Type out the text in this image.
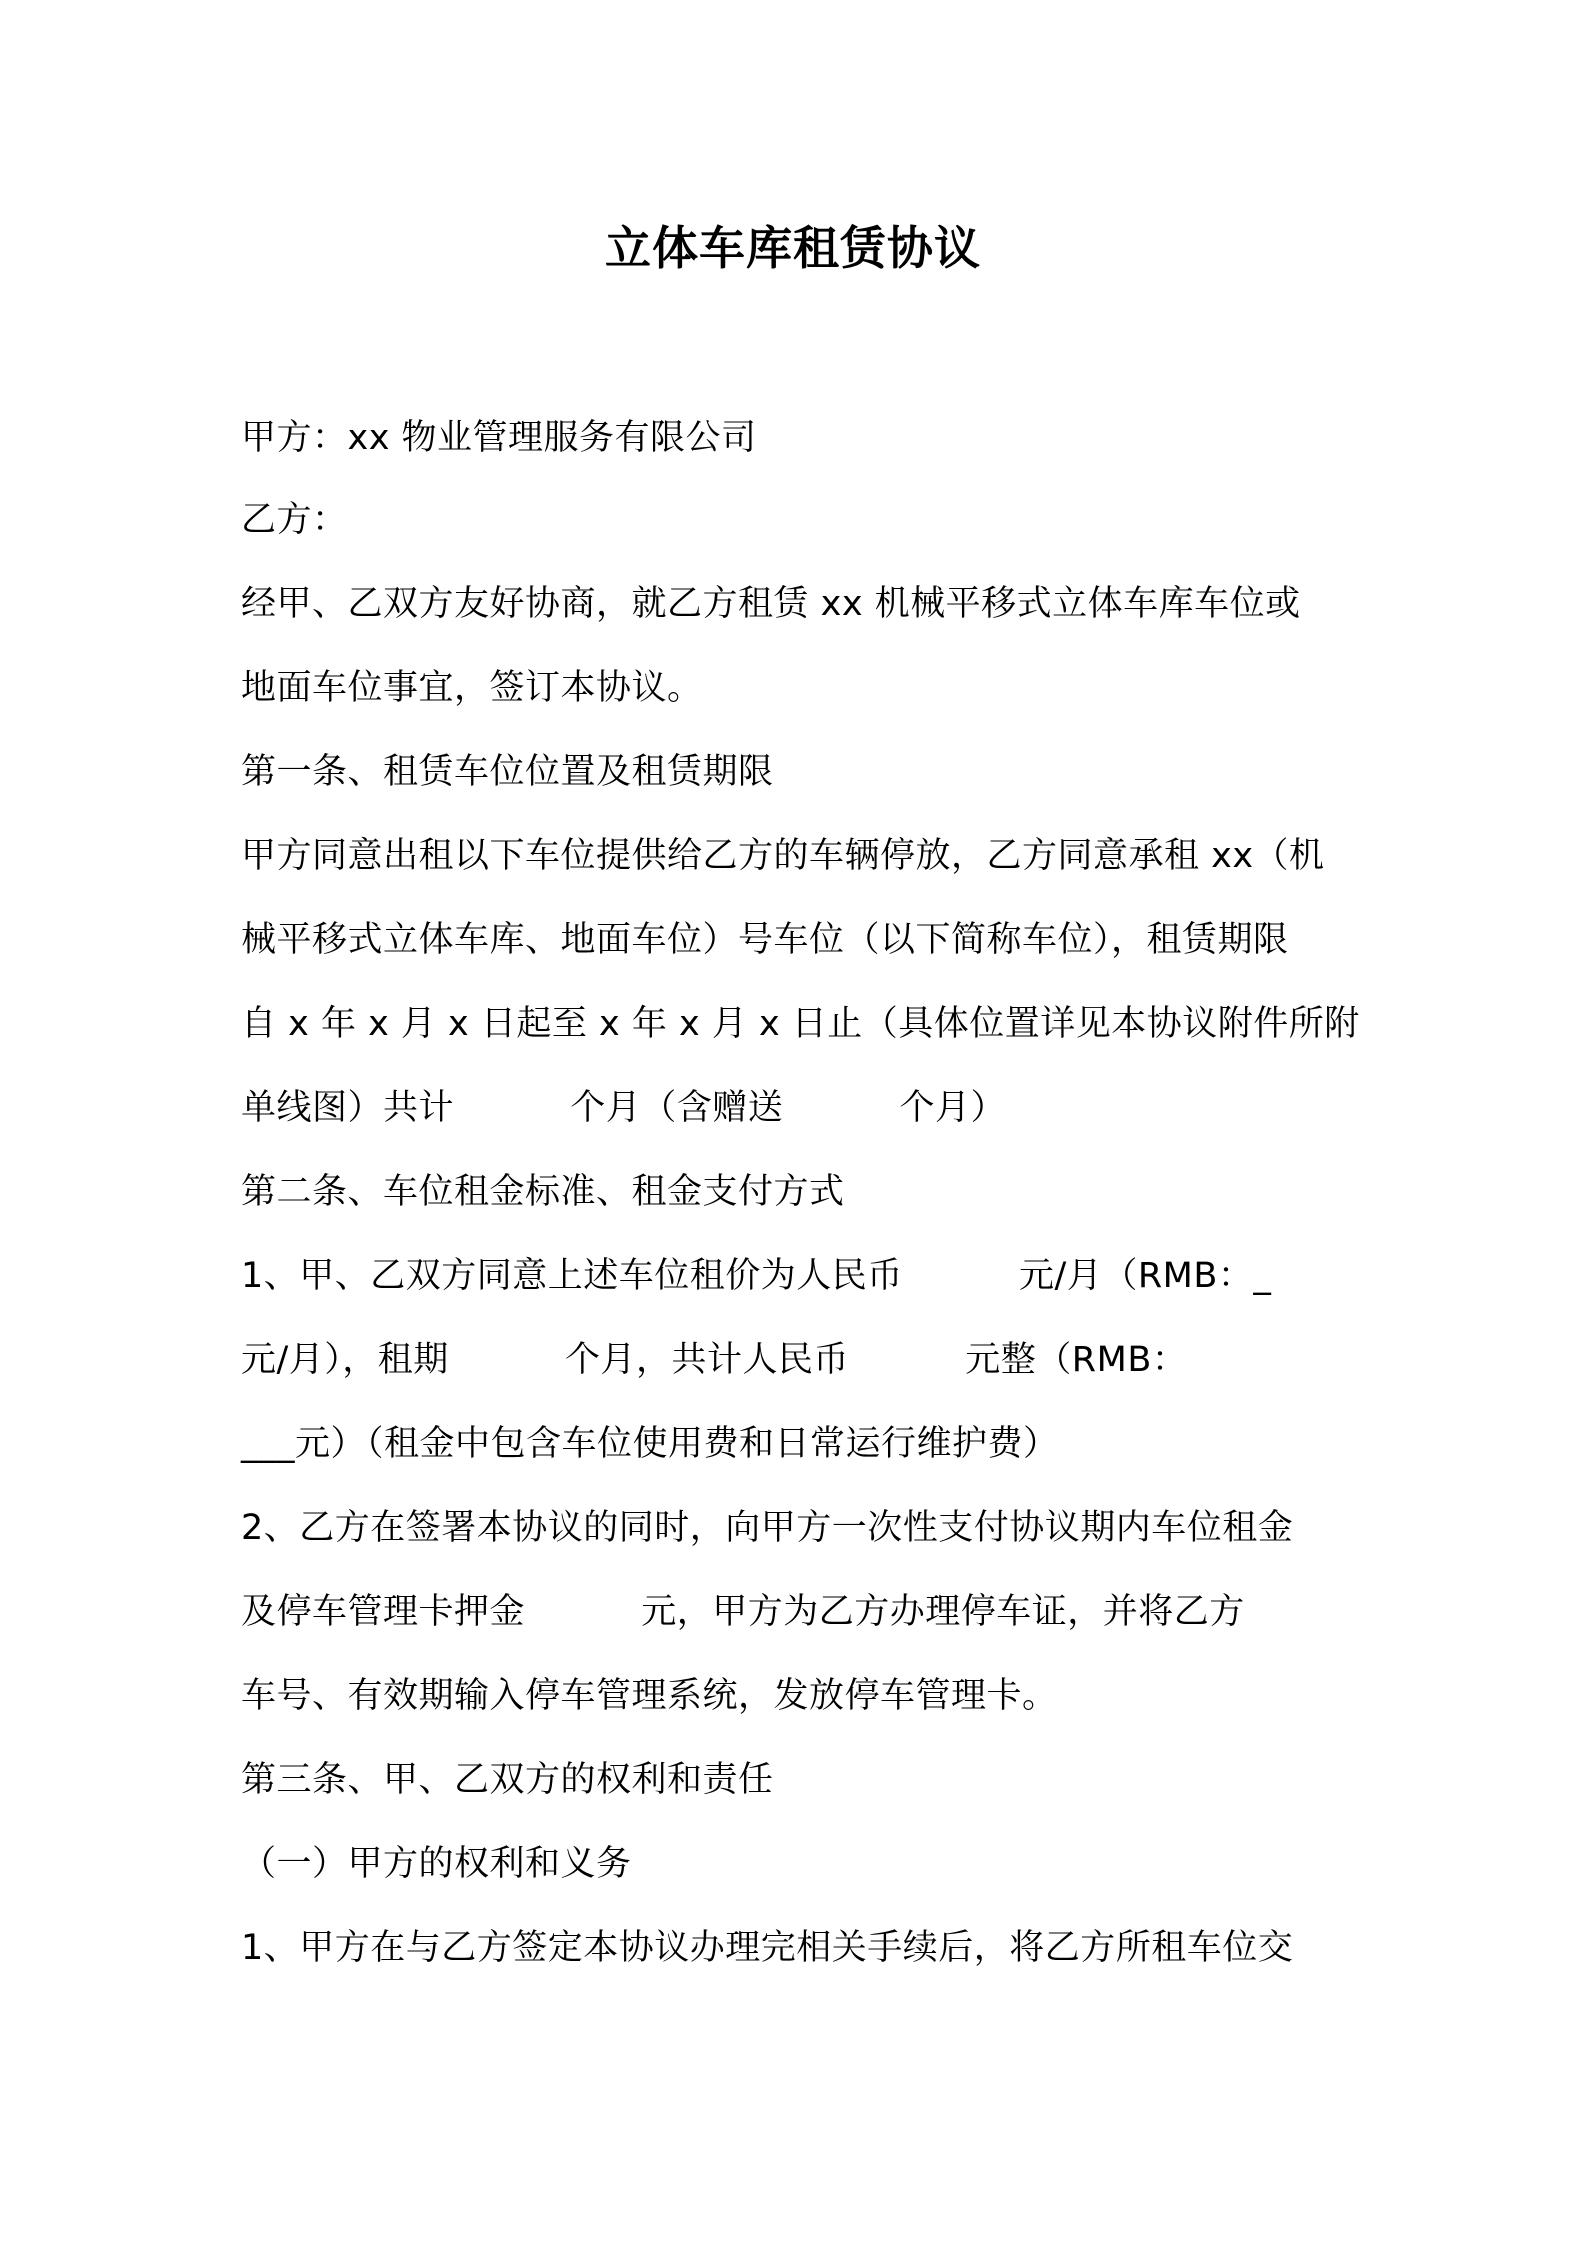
立体车库租赁协议
甲方：xx 物业管理服务有限公司
乙方：
经甲、乙双方友好协商，就乙方租赁 xx 机械平移式立体车库车位或
地面车位事宜，签订本协议。
第一条、租赁车位位置及租赁期限
甲方同意出租以下车位提供给乙方的车辆停放，乙方同意承租 xx（机
械平移式立体车库、地面车位）号车位（以下简称车位），租赁期限
自 x 年 x 月 x 日起至 x 年 x 月 x 日止（具体位置详见本协议附件所附
单线图）共计          个月（含赠送          个月）
第二条、车位租金标准、租金支付方式
1、甲、乙双方同意上述车位租价为人民币          元/月（RMB：_
元/月），租期          个月，共计人民币          元整（RMB：
___元）（租金中包含车位使用费和日常运行维护费）
2、乙方在签署本协议的同时，向甲方一次性支付协议期内车位租金
及停车管理卡押金          元，甲方为乙方办理停车证，并将乙方
车号、有效期输入停车管理系统，发放停车管理卡。
第三条、甲、乙双方的权利和责任
（一）甲方的权利和义务
1、甲方在与乙方签定本协议办理完相关手续后，将乙方所租车位交
